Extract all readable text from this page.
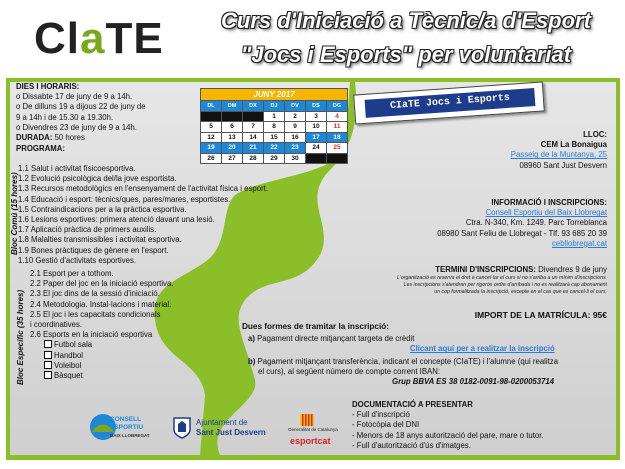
ClaTE	Curs d'Iniciació a Tècnic/a d'Esport
"Jocs i Esports" per voluntariat
DIES I HORARIS:
o Dissabte 17 de juny de 9 a 14h.
o De dilluns 19 a dijous 22 de juny de
9 a 14h i de 15.30 a 19.30h.
o Divendres 23 de juny de 9 a 14h.
DURADA: 50 hores
PROGRAMA:
1.1 Salut i activitat físicoesportiva.
1.2 Evolució psicològica del/la jove esportista.
1.3 Recursos metodològics en l'ensenyament de l'activitat física i esport.
1.4 Educació i esport: tècnics/ques, pares/mares, esportistes.
1.5 Contraindicacions per a la pràctica esportiva.
1.6 Lesions esportives: primera atenció davant una lesió.
1.7 Aplicació pràctica de primers auxilis.
1.8 Malalties transmissibles i activitat esportiva.
1.9 Bones pràctiques de gènere en l'esport.
1.10 Gestió d'activitats esportives.
2.1 Esport per a tothom.
2.2 Paper del joc en la iniciació esportiva.
2.3 El joc dins de la sessió d'iniciació.
2.4 Metodologia. Instal·lacions i material.
2.5 El joc i les capacitats condicionals
i coordinatives.
2.6 Esports en la iniciació esportiva
Futbol sala
Handbol
Voleibol
Bàsquet
Bloc Comú (15 hores)
Bloc Específic (35 hores)
JUNY 2017						
DL	DM	DX	DJ	DV	DS	DG
			1	2	3	4
5	6	7	8	9	10	11
12	13	14	15	16	17	18
19	20	21	22	23	24	25
26	27	28	29	30		
CIaTE Jocs i Esports
LLOC:
CEM La Bonaigua
Passeig de la Muntanya, 25
08960 Sant Just Desvern
INFORMACIÓ I INSCRIPCIONS:
Consell Esportiu del Baix Llobregat
Ctra. N-340, Km. 1249. Parc Torreblanca
08980 Sant Feliu de Llobregat - Tlf. 93 685 20 39
cebllobregat.cat
TERMINI D'INSCRIPCIONS: Divendres 9 de juny
L'organització es reserva el dret a cancel·lar el curs si no s'arriba a un mínim d'inscripcions.
Les inscripcions s'atendran per rigorós ordre d'arribada i no es realitzarà cap abonament
un cop formalitzada la inscripció, excepte en el cas que es cancel·li el curs.
IMPORT DE LA MATRÍCULA: 95€
Dues formes de tramitar la inscripció:
a) Pagament directe mitjançant targeta de crèdit
Clicant aquí per a realitzar la inscripció
b) Pagament mitjançant transferència, indicant el concepte (CIaTE) i l'alumne (qui realitza
el curs), al següent número de compte corrent IBAN:
Grup BBVA ES 38 0182-0091-98-0200053714
DOCUMENTACIÓ A PRESENTAR
- Full d'inscripció
- Fotocòpia del DNI
- Menors de 18 anys autorització del pare, mare o tutor.
- Full d'autorització d'ús d'imatges.
CONSELL
ESPORTIU
BAIX LLOBREGAT
Ajuntament de
Sant Just Desvern	Generalitat de Catalunya
esportcat
